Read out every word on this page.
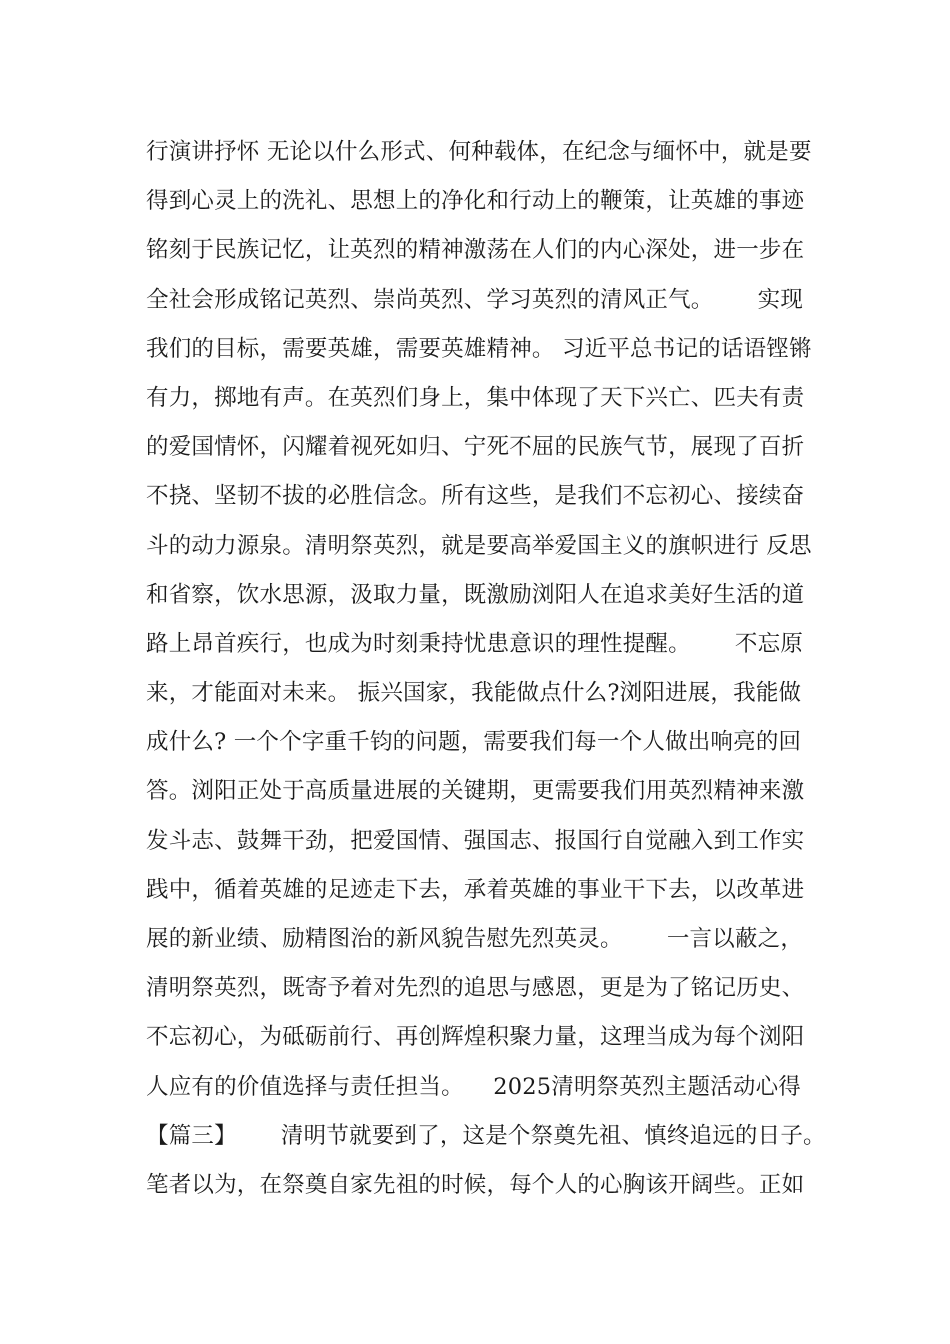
行演讲抒怀 无论以什么形式、何种载体，在纪念与缅怀中，就是要
得到心灵上的洗礼、思想上的净化和行动上的鞭策，让英雄的事迹
铭刻于民族记忆，让英烈的精神激荡在人们的内心深处，进一步在
全社会形成铭记英烈、崇尚英烈、学习英烈的清风正气。      实现
我们的目标，需要英雄，需要英雄精神。 习近平总书记的话语铿锵
有力，掷地有声。在英烈们身上，集中体现了天下兴亡、匹夫有责
的爱国情怀，闪耀着视死如归、宁死不屈的民族气节，展现了百折
不挠、坚韧不拔的必胜信念。所有这些，是我们不忘初心、接续奋
斗的动力源泉。清明祭英烈，就是要高举爱国主义的旗帜进行 反思
和省察，饮水思源，汲取力量，既激励浏阳人在追求美好生活的道
路上昂首疾行，也成为时刻秉持忧患意识的理性提醒。      不忘原
来，才能面对未来。 振兴国家，我能做点什么?浏阳进展，我能做
成什么? 一个个字重千钧的问题，需要我们每一个人做出响亮的回
答。浏阳正处于高质量进展的关键期，更需要我们用英烈精神来激
发斗志、鼓舞干劲，把爱国情、强国志、报国行自觉融入到工作实
践中，循着英雄的足迹走下去，承着英雄的事业干下去，以改革进
展的新业绩、励精图治的新风貌告慰先烈英灵。      一言以蔽之，
清明祭英烈，既寄予着对先烈的追思与感恩，更是为了铭记历史、
不忘初心，为砥砺前行、再创辉煌积聚力量，这理当成为每个浏阳
人应有的价值选择与责任担当。    2025清明祭英烈主题活动心得
【篇三】      清明节就要到了，这是个祭奠先祖、慎终追远的日子。
笔者以为，在祭奠自家先祖的时候，每个人的心胸该开阔些。正如
